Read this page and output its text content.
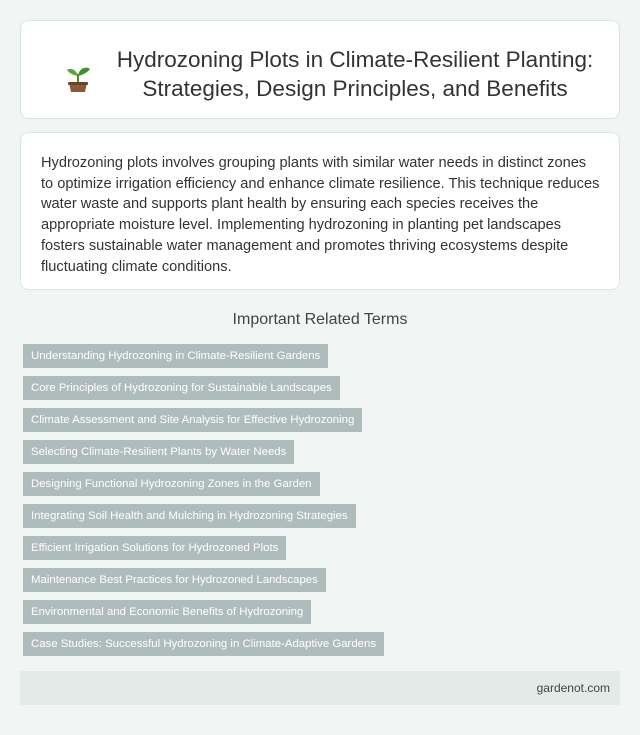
Hydrozoning Plots in Climate-Resilient Planting: Strategies, Design Principles, and Benefits

Hydrozoning plots involves grouping plants with similar water needs in distinct zones to optimize irrigation efficiency and enhance climate resilience. This technique reduces water waste and supports plant health by ensuring each species receives the appropriate moisture level. Implementing hydrozoning in planting pet landscapes fosters sustainable water management and promotes thriving ecosystems despite fluctuating climate conditions.

Important Related Terms
Understanding Hydrozoning in Climate-Resilient Gardens
Core Principles of Hydrozoning for Sustainable Landscapes
Climate Assessment and Site Analysis for Effective Hydrozoning
Selecting Climate-Resilient Plants by Water Needs
Designing Functional Hydrozoning Zones in the Garden
Integrating Soil Health and Mulching in Hydrozoning Strategies
Efficient Irrigation Solutions for Hydrozoned Plots
Maintenance Best Practices for Hydrozoned Landscapes
Environmental and Economic Benefits of Hydrozoning
Case Studies: Successful Hydrozoning in Climate-Adaptive Gardens
gardenot.com
